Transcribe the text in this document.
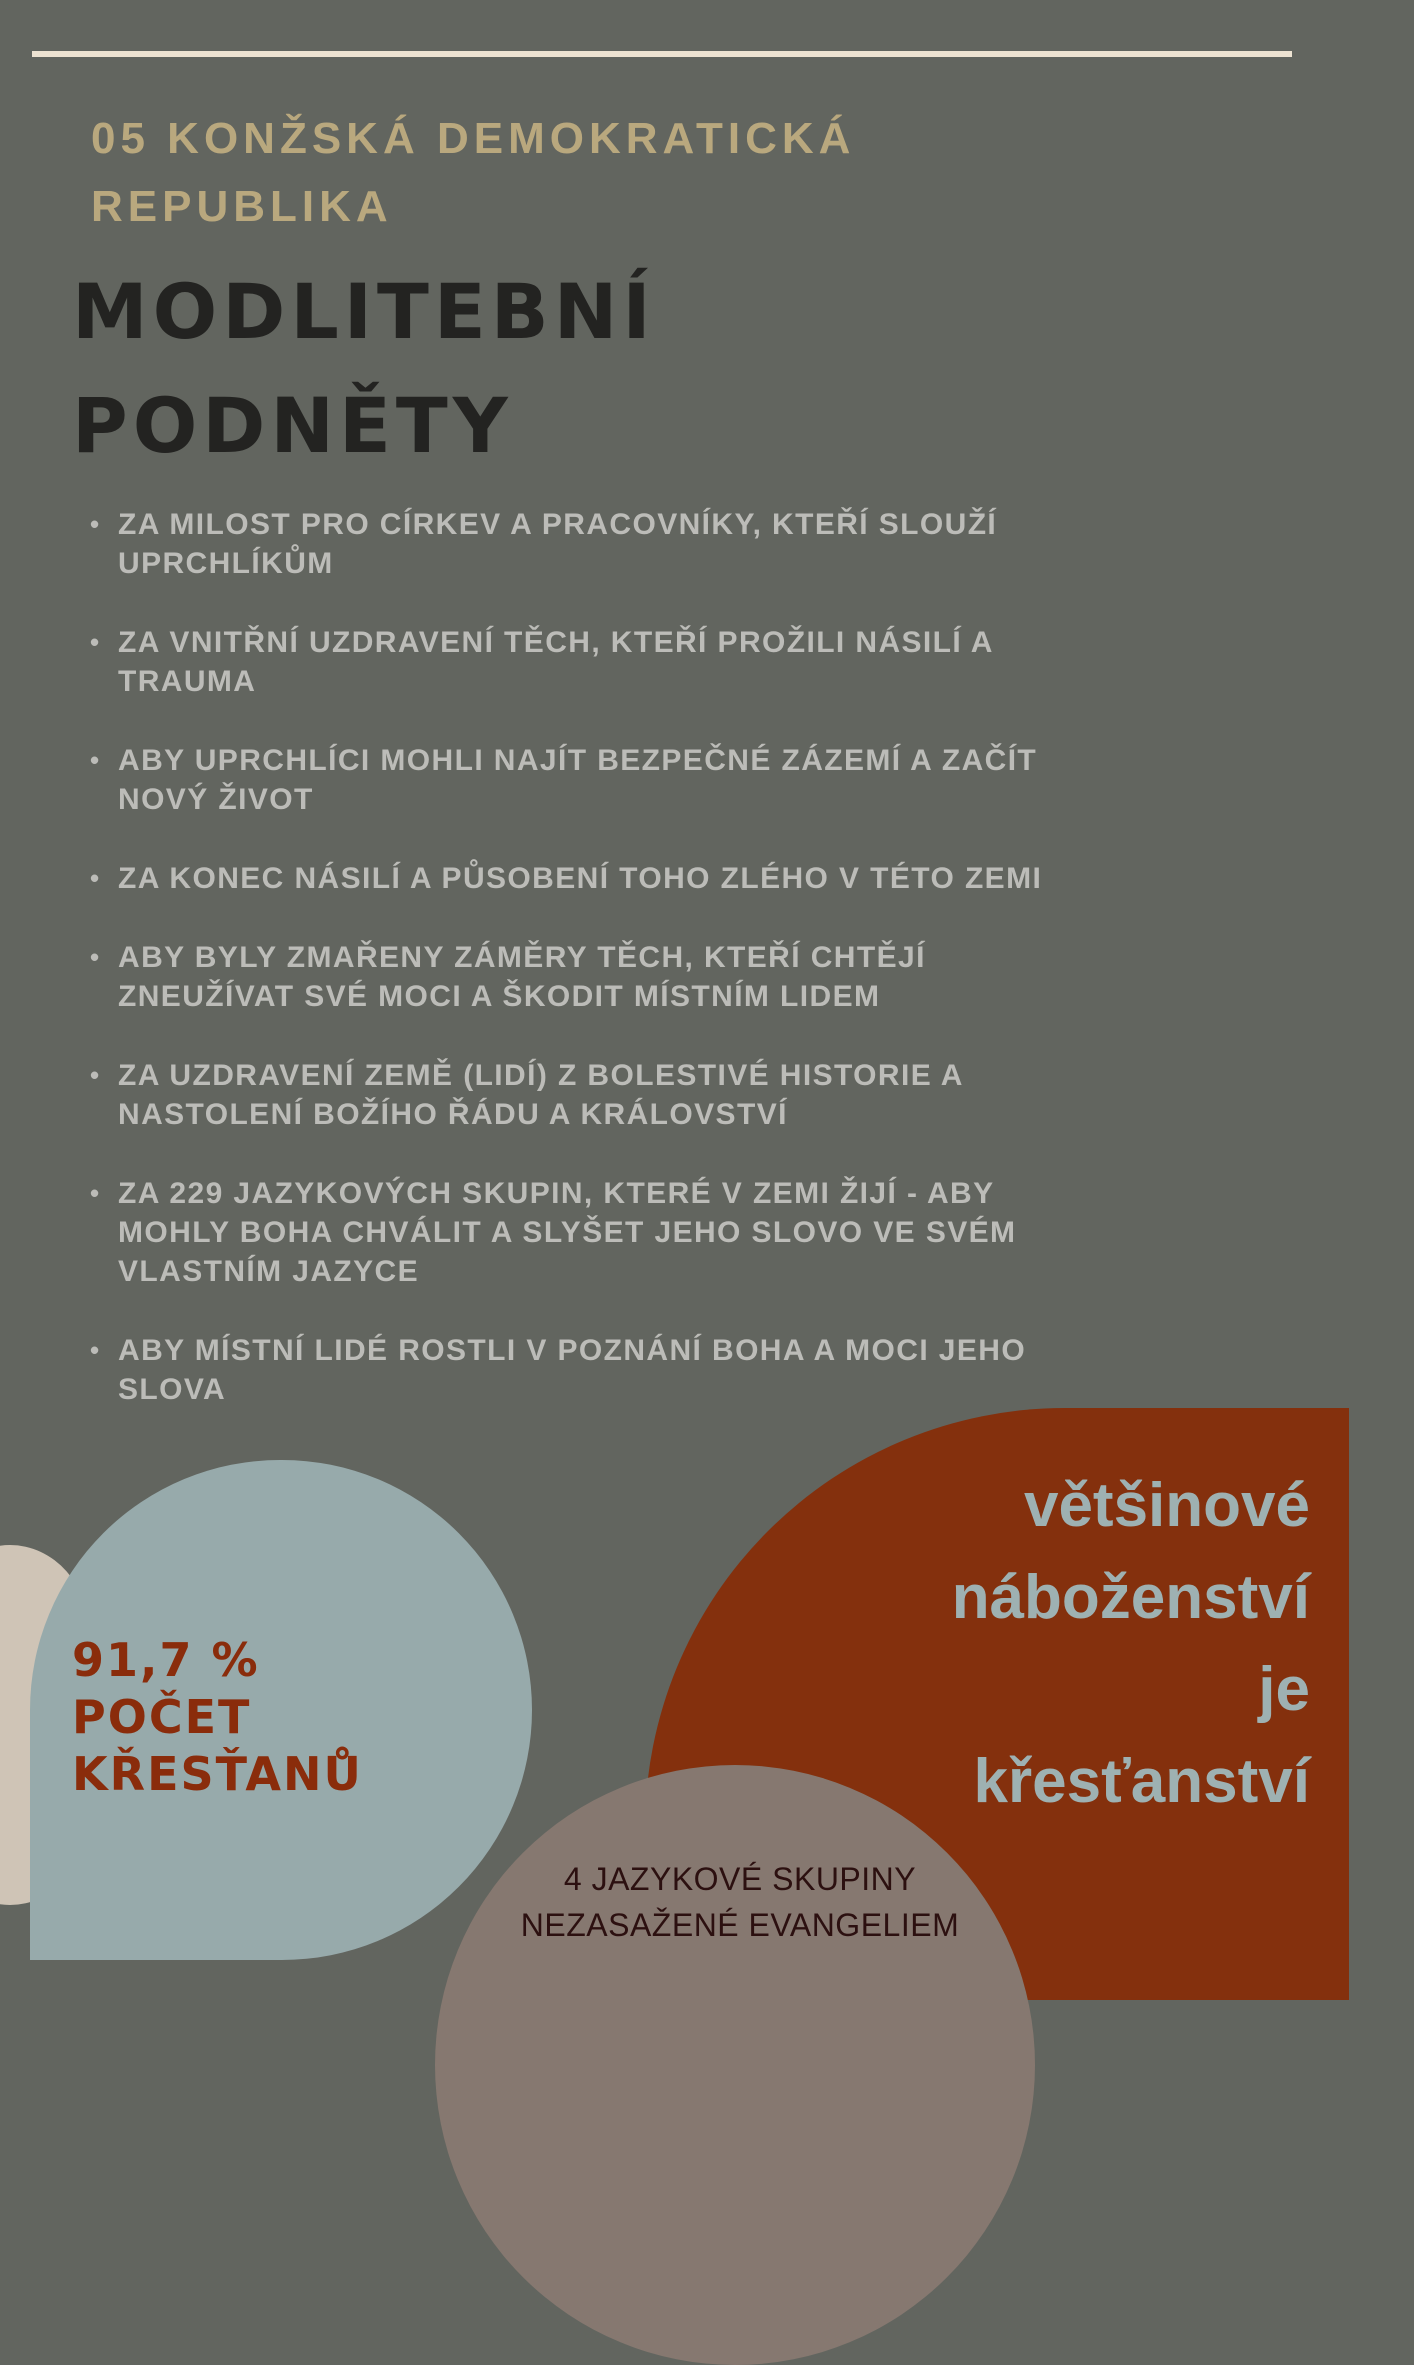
05 KONŽSKÁ DEMOKRATICKÁ
REPUBLIKA
MODLITEBNÍ
PODNĚTY
• ZA MILOST PRO CÍRKEV A PRACOVNÍKY, KTEŘÍ SLOUŽÍ
UPRCHLÍKŮM
• ZA VNITŘNÍ UZDRAVENÍ TĚCH, KTEŘÍ PROŽILI NÁSILÍ A
TRAUMA
• ABY UPRCHLÍCI MOHLI NAJÍT BEZPEČNÉ ZÁZEMÍ A ZAČÍT
NOVÝ ŽIVOT
• ZA KONEC NÁSILÍ A PŮSOBENÍ TOHO ZLÉHO V TÉTO ZEMI
• ABY BYLY ZMAŘENY ZÁMĚRY TĚCH, KTEŘÍ CHTĚJÍ
ZNEUŽÍVAT SVÉ MOCI A ŠKODIT MÍSTNÍM LIDEM
• ZA UZDRAVENÍ ZEMĚ (LIDÍ) Z BOLESTIVÉ HISTORIE A
NASTOLENÍ BOŽÍHO ŘÁDU A KRÁLOVSTVÍ
• ZA 229 JAZYKOVÝCH SKUPIN, KTERÉ V ZEMI ŽIJÍ - ABY
MOHLY BOHA CHVÁLIT A SLYŠET JEHO SLOVO VE SVÉM
VLASTNÍM JAZYCE
• ABY MÍSTNÍ LIDÉ ROSTLI V POZNÁNÍ BOHA A MOCI JEHO
SLOVA
91,7 %
POČET
KŘESŤANŮ
většinové
náboženství
je
křesťanství
4 JAZYKOVÉ SKUPINY
NEZASAŽENÉ EVANGELIEM
